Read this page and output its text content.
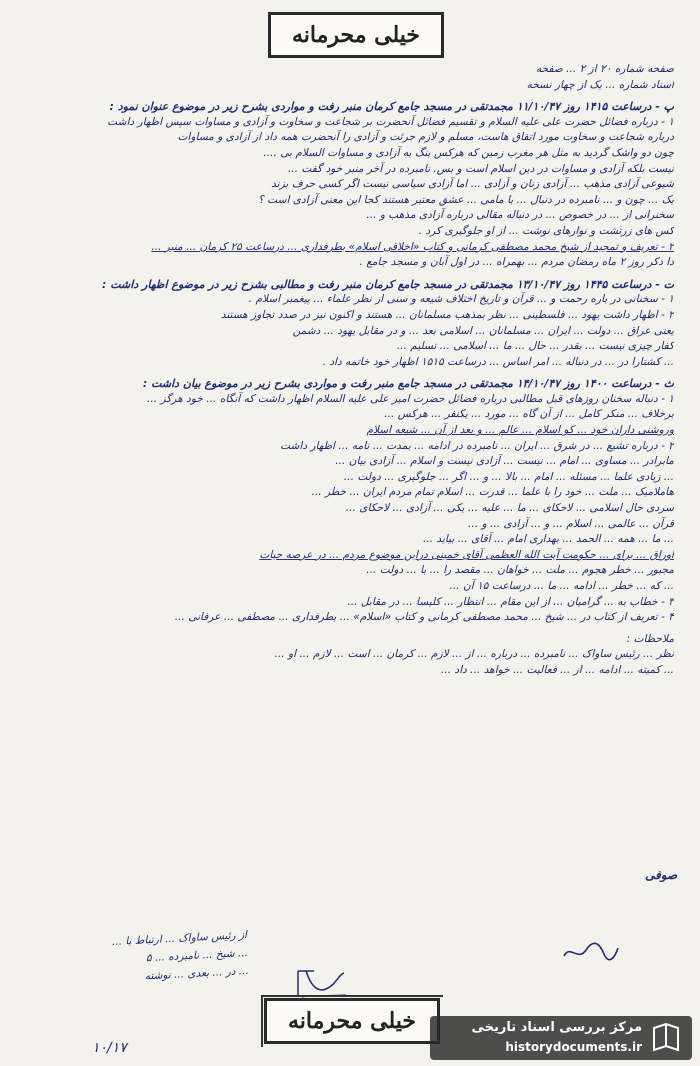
خیلی محرمانه
صفحه شماره ۲۰ از ۲ ... صفحه
اسناد شماره ... یک از چهار نسخه
پ - درساعت ۱۴۱۵ روز ۱۱/۱۰/۴۷ مجمدتقی در مسجد جامع کرمان منبر رفت و مواردی بشرح زیر در موضوع عنوان نمود :
۱ - درباره فضائل حضرت علی علیه السلام و تقسیم فضائل آنحضرت بر شجاعت و سخاوت و آزادی و مساوات سپس اظهار داشت
درباره شجاعت و سخاوت مورد اتفاق هاست، مسلم و لازم جرئت و آزادی را آنحضرت همه داد از آزادی و مساوات
چون دو واشک گردید به مثل هر مغرب زمین که هرکس بنگ به آزادی و مساوات السلام بی ....
نیست بلکه آزادی و مساوات در دین اسلام است و بس. نامبرده در آخر منبر خود گفت ...
شیوعی آزادی مذهب ... آزادی زنان و آزادی ... اما آزادی سیاسی نیست اگر کسی حرف بزند
یک ... چون و ... نامبرده در دنبال ... با مامی ... عشق معتبر هستند کجا این معنی آزادی است ؟
سخنرانی از ... در خصوص ... در دنباله مقالی درباره آزادی مذهب و ...
کس های زرتشت و نوارهای نوشت ... از او جلوگیری کرد .
۲ - تعریف و تمجید از شیخ محمد مصطفی کرمانی و کتاب «اخلاقی اسلام» بطرفداری ... درساعت ۲۵ کرمان ... منبر ...
دا دکر روز ۲ ماه رمضان مردم ... بهمراه ... در اول آبان و مسجد جامع .
ت - درساعت ۱۴۴۵ روز ۱۳/۱۰/۴۷ مجمدتقی در مسجد جامع کرمان منبر رفت و مطالبی بشرح زیر در موضوع اظهار داشت :
۱ - سخنانی در باره رحمت و ... قرآن و تاریخ اختلاف شیعه و سنی از نظر علماء ... پیغمبر اسلام .
۲ - اظهار داشت یهود ... فلسطینی ... نظر بمذهب مسلمانان ... هستند و اکنون نیز در صدد تجاوز هستند
یعنی عراق ... دولت ... ایران ... مسلمانان ... اسلامی بعد ... و در مقابل یهود ... دشمن
کفار چیزی نیست ... بقدر ... حال ... ما ... اسلامی ... تسلیم ...
... کشتارا در ... در دنباله ... امر اساس ... درساعت ۱۵۱۵ اظهار خود خاتمه داد .
ث - درساعت ۱۴۰۰ روز ۱۴/۱۰/۴۷ مجمدتقی در مسجد جامع منبر رفت و مواردی بشرح زیر در موضوع بیان داشت :
۱ - دنباله سخنان روزهای قبل مطالبی درباره فضائل حضرت امیر علی علیه السلام اظهار داشت که آنگاه ... خود هرگز ...
برخلاف ... منکر کامل ... از آن گاه ... مورد ... یکنفر ... هرکس ...
وروشنی داران خود ... کو اسلام ... عالم ... و بعد از آن ... شیعه اسلام
۲ - درباره تشیع ... در شرق ... ایران ... نامبرده در ادامه ... بمدت ... نامه ... اظهار داشت
مابرادر ... مساوی ... امام ... نیست ... آزادی نیست و اسلام ... آزادی بیان ...
... زیادی علما ... مسئله ... امام ... بالا ... و ... اگر ... جلوگیری ... دولت ...
هاملامیک ... ملت ... خود را با علما ... قدرت ... اسلام تمام مردم ایران ... خطر ...
سردی حال اسلامی ... لاحکای ... ما ... علیه ... یکی ... آزادی ... لاحکای ...
قرآن ... عالمی ... اسلام ... و ... آزادی ... و ...
... ما ... همه ... الحمد ... بهداری امام ... آقای ... بیاید ...
اوراق ... برای ... حکومت آیت الله العظمی آقای خمینی دراین موضوع مردم ... در عرصه حیات
مجبور ... خطر هجوم ... ملت ... خواهان ... مقصد را ... با ... دولت ...
... که ... خطر ... ادامه ... ما ... درساعت ۱۵ آن ...
۳ - خطاب به ... گرامیان ... از این مقام ... انتظار ... کلیسا ... در مقابل ...
۴ - تعریف از کتاب در ... شیخ ... محمد مصطفی کرمانی و کتاب «اسلام» ... بطرفداری ... مصطفی ... عرفانی ...
ملاحظات :
نظر ... رئیس ساواک ... نامبرده ... درباره ... از ... لازم ... کرمان ... است ... لازم ... او ...
... کمیته ... ادامه ... از ... فعالیت ... خواهد ... داد ...
صوفی
از رئیس ساواک ... ارتباط با ...
... شیخ ... نامبرده ... ۵
... در ... بعدی ... نوشته
۱۰/۱۷
خیلی محرمانه	مرکز بررسی اسناد تاریخی
historydocuments.ir
